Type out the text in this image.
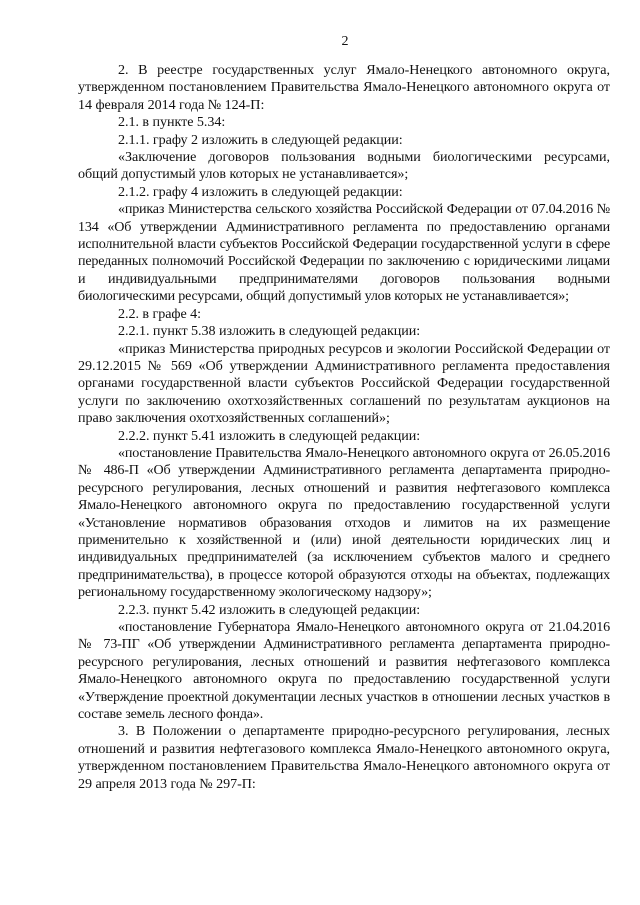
2

2. В реестре государственных услуг Ямало-Ненецкого автономного округа, утвержденном постановлением Правительства Ямало-Ненецкого автономного округа от 14 февраля 2014 года № 124-П:

2.1. в пункте 5.34:

2.1.1. графу 2 изложить в следующей редакции:

«Заключение договоров пользования водными биологическими ресурсами, общий допустимый улов которых не устанавливается»;

2.1.2. графу 4 изложить в следующей редакции:

«приказ Министерства сельского хозяйства Российской Федерации от 07.04.2016 № 134 «Об утверждении Административного регламента по предоставлению органами исполнительной власти субъектов Российской Федерации государственной услуги в сфере переданных полномочий Российской Федерации по заключению с юридическими лицами и индивидуальными предпринимателями договоров пользования водными биологическими ресурсами, общий допустимый улов которых не устанавливается»;

2.2. в графе 4:

2.2.1. пункт 5.38 изложить в следующей редакции:

«приказ Министерства природных ресурсов и экологии Российской Федерации от 29.12.2015 № 569 «Об утверждении Административного регламента предоставления органами государственной власти субъектов Российской Федерации государственной услуги по заключению охотхозяйственных соглашений по результатам аукционов на право заключения охотхозяйственных соглашений»;

2.2.2. пункт 5.41 изложить в следующей редакции:

«постановление Правительства Ямало-Ненецкого автономного округа от 26.05.2016 № 486-П «Об утверждении Административного регламента департамента природно-ресурсного регулирования, лесных отношений и развития нефтегазового комплекса Ямало-Ненецкого автономного округа по предоставлению государственной услуги «Установление нормативов образования отходов и лимитов на их размещение применительно к хозяйственной и (или) иной деятельности юридических лиц и индивидуальных предпринимателей (за исключением субъектов малого и среднего предпринимательства), в процессе которой образуются отходы на объектах, подлежащих региональному государственному экологическому надзору»;

2.2.3. пункт 5.42 изложить в следующей редакции:

«постановление Губернатора Ямало-Ненецкого автономного округа от 21.04.2016 № 73-ПГ «Об утверждении Административного регламента департамента природно-ресурсного регулирования, лесных отношений и развития нефтегазового комплекса Ямало-Ненецкого автономного округа по предоставлению государственной услуги «Утверждение проектной документации лесных участков в отношении лесных участков в составе земель лесного фонда».

3. В Положении о департаменте природно-ресурсного регулирования, лесных отношений и развития нефтегазового комплекса Ямало-Ненецкого автономного округа, утвержденном постановлением Правительства Ямало-Ненецкого автономного округа от 29 апреля 2013 года № 297-П:
